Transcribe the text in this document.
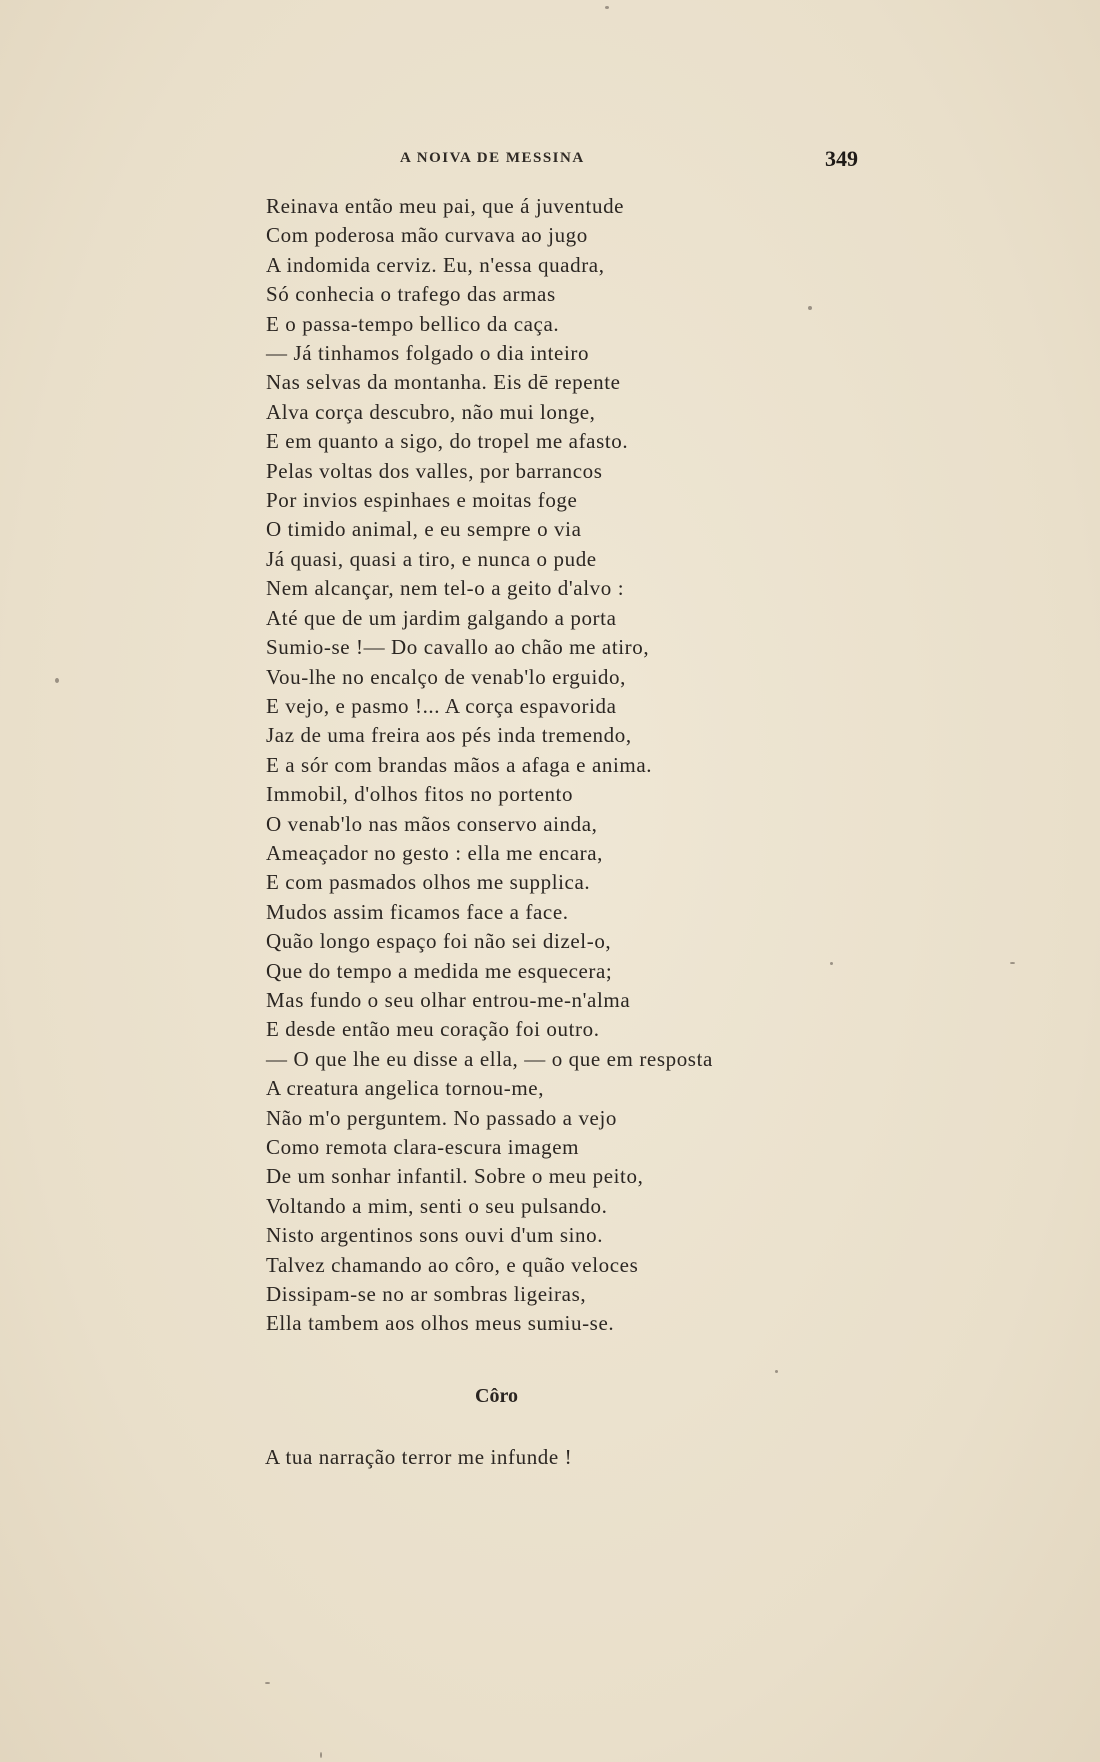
A NOIVA DE MESSINA	349
Reinava então meu pai, que á juventude
Com poderosa mão curvava ao jugo
A indomida cerviz. Eu, n'essa quadra,
Só conhecia o trafego das armas
E o passa-tempo bellico da caça.
— Já tinhamos folgado o dia inteiro
Nas selvas da montanha. Eis dē repente
Alva corça descubro, não mui longe,
E em quanto a sigo, do tropel me afasto.
Pelas voltas dos valles, por barrancos
Por invios espinhaes e moitas foge
O timido animal, e eu sempre o via
Já quasi, quasi a tiro, e nunca o pude
Nem alcançar, nem tel-o a geito d'alvo :
Até que de um jardim galgando a porta
Sumio-se !— Do cavallo ao chão me atiro,
Vou-lhe no encalço de venab'lo erguido,
E vejo, e pasmo !... A corça espavorida
Jaz de uma freira aos pés inda tremendo,
E a sór com brandas mãos a afaga e anima.
Immobil, d'olhos fitos no portento
O venab'lo nas mãos conservo ainda,
Ameaçador no gesto : ella me encara,
E com pasmados olhos me supplica.
Mudos assim ficamos face a face.
Quão longo espaço foi não sei dizel-o,
Que do tempo a medida me esquecera;
Mas fundo o seu olhar entrou-me-n'alma
E desde então meu coração foi outro.
— O que lhe eu disse a ella, — o que em resposta
A creatura angelica tornou-me,
Não m'o perguntem. No passado a vejo
Como remota clara-escura imagem
De um sonhar infantil. Sobre o meu peito,
Voltando a mim, senti o seu pulsando.
Nisto argentinos sons ouvi d'um sino.
Talvez chamando ao côro, e quão veloces
Dissipam-se no ar sombras ligeiras,
Ella tambem aos olhos meus sumiu-se.
Côro
A tua narração terror me infunde !
